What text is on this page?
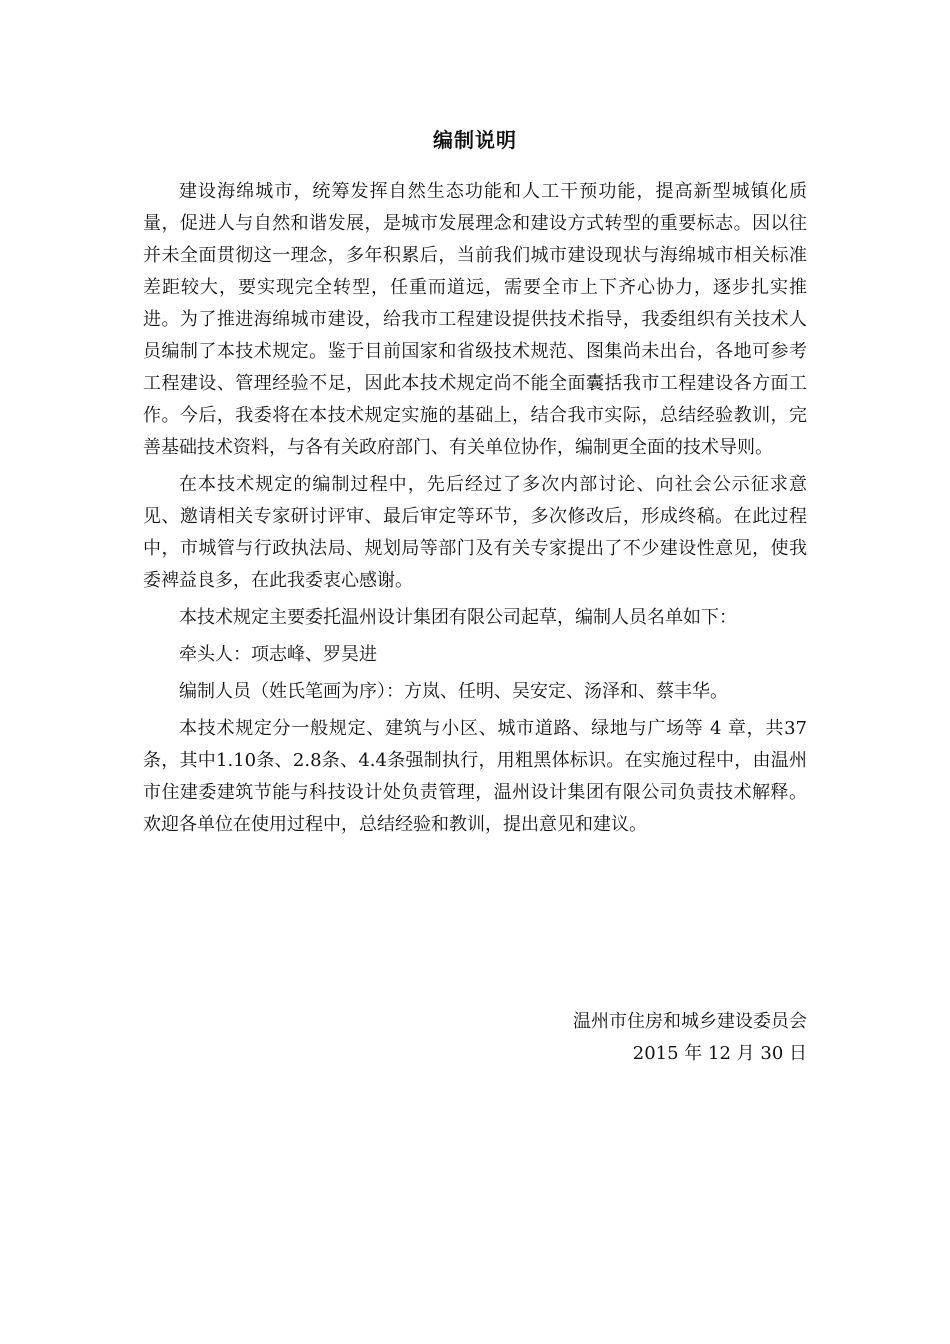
编制说明

建设海绵城市，统筹发挥自然生态功能和人工干预功能，提高新型城镇化质量，促进人与自然和谐发展，是城市发展理念和建设方式转型的重要标志。因以往并未全面贯彻这一理念，多年积累后，当前我们城市建设现状与海绵城市相关标准差距较大，要实现完全转型，任重而道远，需要全市上下齐心协力，逐步扎实推进。为了推进海绵城市建设，给我市工程建设提供技术指导，我委组织有关技术人员编制了本技术规定。鉴于目前国家和省级技术规范、图集尚未出台，各地可参考工程建设、管理经验不足，因此本技术规定尚不能全面囊括我市工程建设各方面工作。今后，我委将在本技术规定实施的基础上，结合我市实际，总结经验教训，完善基础技术资料，与各有关政府部门、有关单位协作，编制更全面的技术导则。

在本技术规定的编制过程中，先后经过了多次内部讨论、向社会公示征求意见、邀请相关专家研讨评审、最后审定等环节，多次修改后，形成终稿。在此过程中，市城管与行政执法局、规划局等部门及有关专家提出了不少建设性意见，使我委裨益良多，在此我委衷心感谢。

本技术规定主要委托温州设计集团有限公司起草，编制人员名单如下：

牵头人：项志峰、罗昊进

编制人员（姓氏笔画为序）：方岚、任明、吴安定、汤泽和、蔡丰华。

本技术规定分一般规定、建筑与小区、城市道路、绿地与广场等 4 章，共37条，其中1.10条、2.8条、4.4条强制执行，用粗黑体标识。在实施过程中，由温州市住建委建筑节能与科技设计处负责管理，温州设计集团有限公司负责技术解释。欢迎各单位在使用过程中，总结经验和教训，提出意见和建议。

温州市住房和城乡建设委员会
2015 年 12 月 30 日
